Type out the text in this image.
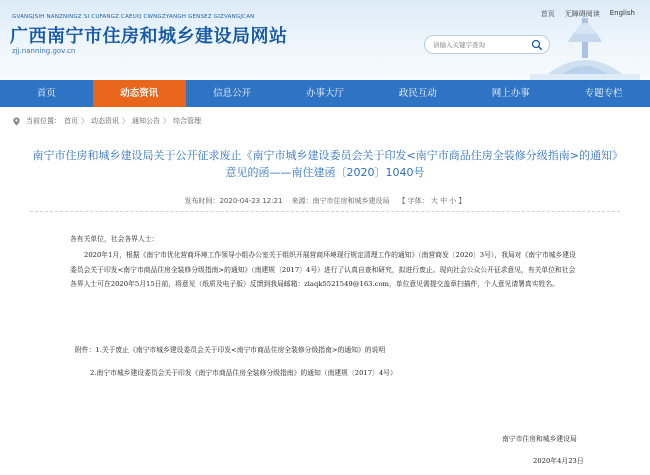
GVANGJSIH NANZNINGZ SI CUFANGZ CAEUQ CWNGZYANGH GENSEZ GIZVANGJCAN
广西南宁市住房和城乡建设局网站
zjj.nanning.gov.cn
首页 无障碍阅读 English
请输入关键字查询
首页	动态资讯	信息公开	办事大厅	政民互动	网上办事	专题专栏
当前位置： 首页 〉 动态资讯 〉 通知公告 〉 综合管理
南宁市住房和城乡建设局关于公开征求废止《南宁市城乡建设委员会关于印发<南宁市商品住房全装修分级指南>的通知》意见的函——南住建函〔2020〕1040号
发布时间：2020-04-23 12:21 来源：南宁市住房和城乡建设局 【 字体： 大 中 小 】
各有关单位，社会各界人士：
2020年1月，根据《南宁市优化营商环境工作领导小组办公室关于组织开展营商环境现行规定清理工作的通知》（南营商发〔2020〕3号），我局对《南宁市城乡建设委员会关于印发<南宁市商品住房全装修分级指南>的通知》（南建规〔2017〕4号）进行了认真自查和研究，拟进行废止。现向社会公众公开征求意见，有关单位和社会各界人士可在2020年5月15日前，将意见（纸质及电子版）反馈到我局邮箱：zlaqk5521549@163.com，单位意见需提交盖章扫描件，个人意见请署真实姓名。
附件：1.关于废止《南宁市城乡建设委员会关于印发<南宁市商品住房全装修分级指南>的通知》的说明
2.南宁市城乡建设委员会关于印发《南宁市商品住房全装修分级指南》的通知（南建规〔2017〕4号）
南宁市住房和城乡建设局
2020年4月23日
